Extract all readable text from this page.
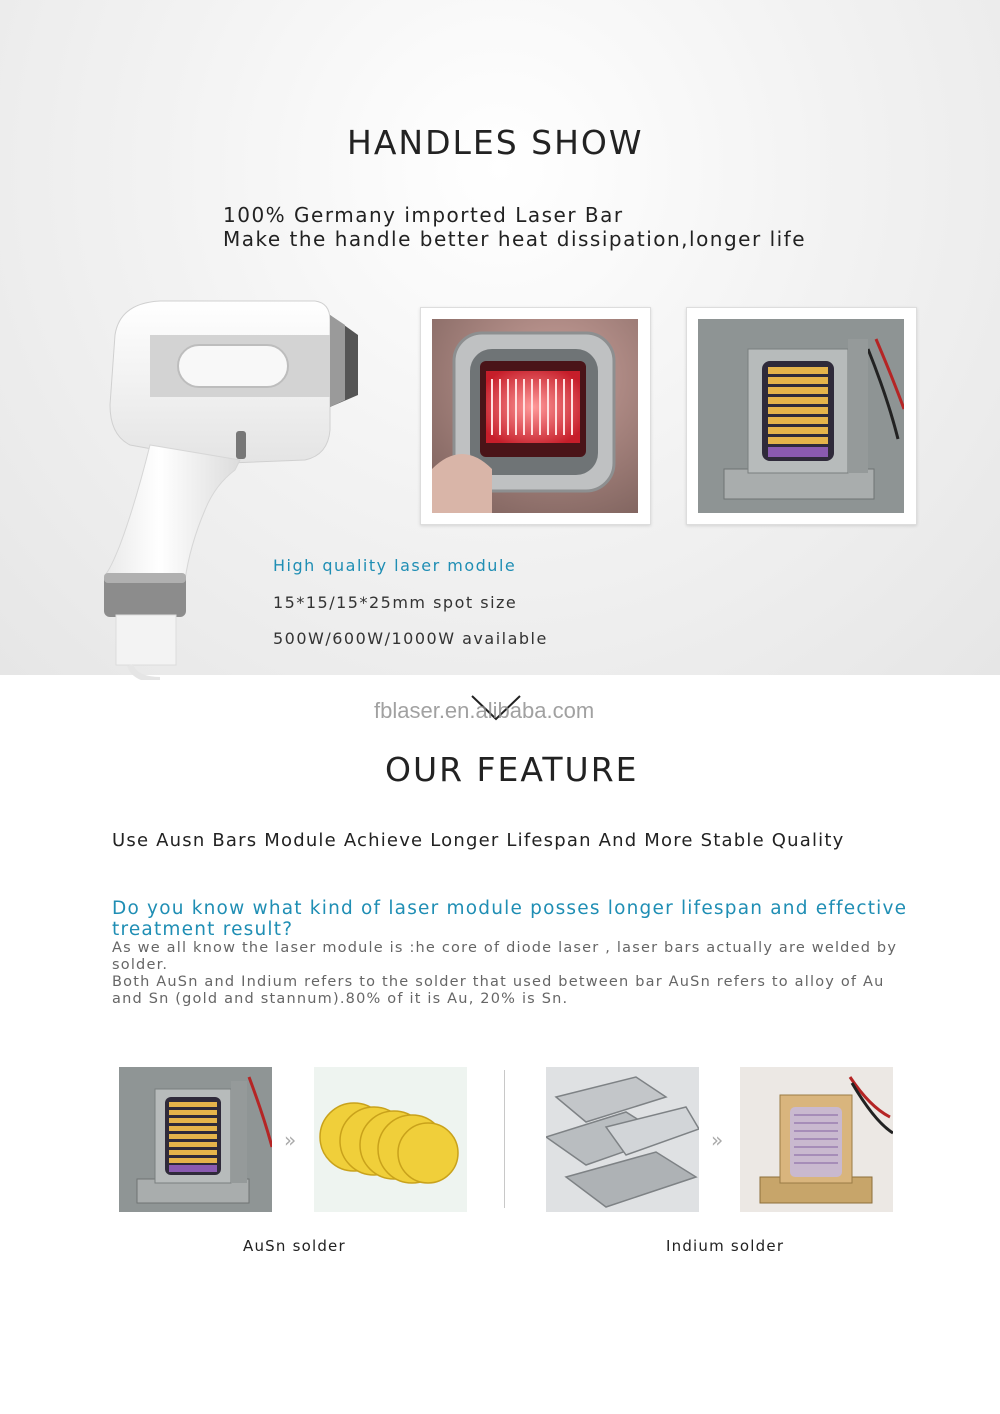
HANDLES SHOW
100% Germany imported Laser Bar
Make the handle better heat dissipation,longer life
High quality laser module
15*15/15*25mm spot size
500W/600W/1000W available
fblaser.en.alibaba.com
OUR FEATURE
Use Ausn Bars Module Achieve Longer Lifespan And More Stable Quality
Do you know what kind of laser module posses longer lifespan and effective treatment result?
As we all know the laser module is :he core of diode laser , laser bars actually are welded by solder.
Both AuSn and Indium refers to the solder that used between bar AuSn refers to alloy of Au and Sn (gold and stannum).80% of it is Au, 20% is Sn.
»	»
AuSn solder	Indium solder
